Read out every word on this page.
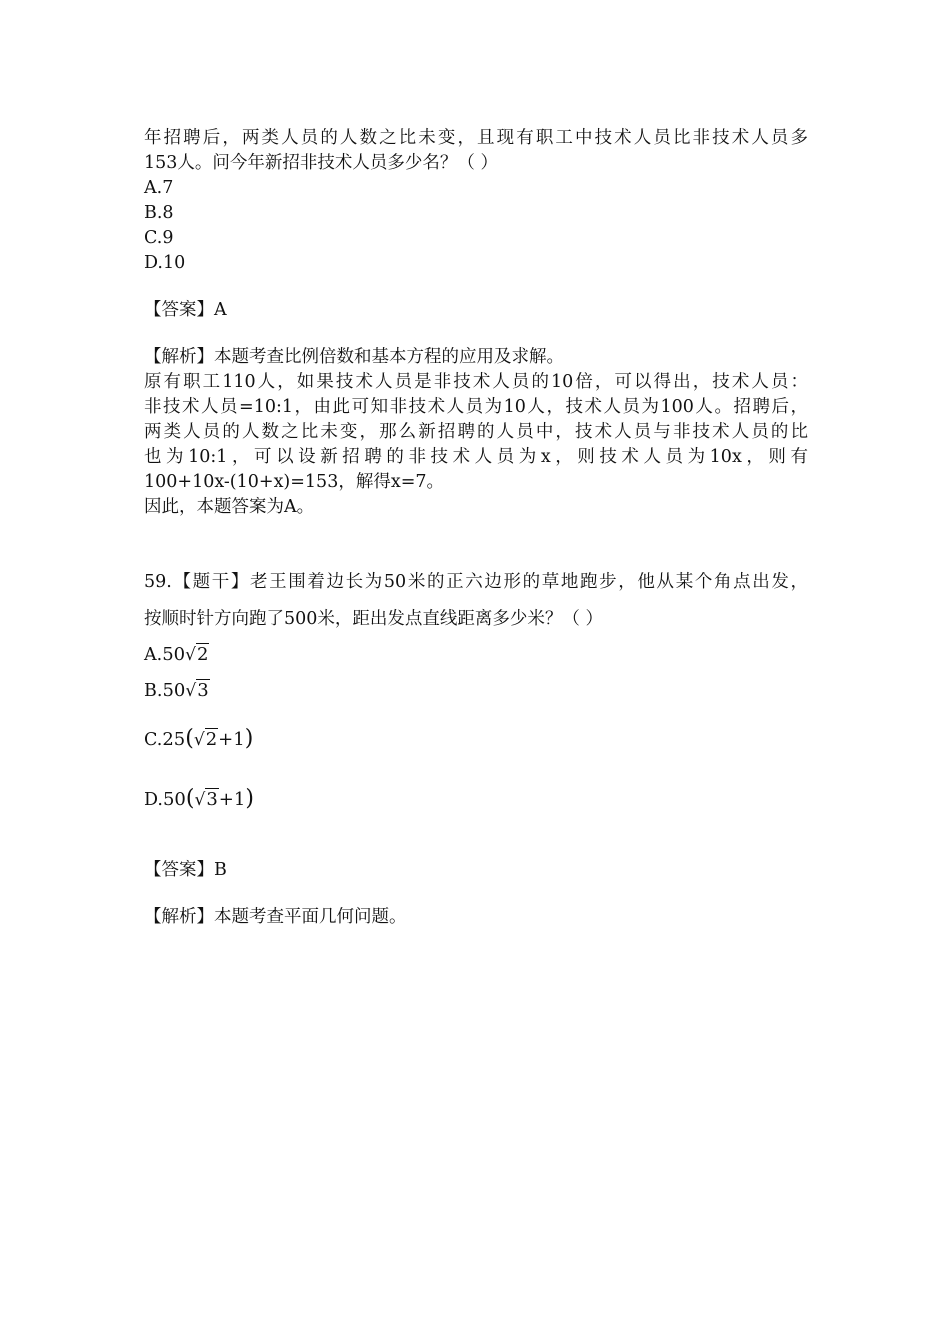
年招聘后，两类人员的人数之比未变，且现有职工中技术人员比非技术人员多
153人。问今年新招非技术人员多少名？（ ）
A.7
B.8
C.9
D.10
【答案】A
【解析】本题考查比例倍数和基本方程的应用及求解。
原有职工110人，如果技术人员是非技术人员的10倍，可以得出，技术人员：
非技术人员=10:1，由此可知非技术人员为10人，技术人员为100人。招聘后，
两类人员的人数之比未变，那么新招聘的人员中，技术人员与非技术人员的比
也为10:1，可以设新招聘的非技术人员为x，则技术人员为10x，则有
100+10x-(10+x)=153，解得x=7。
因此，本题答案为A。
59.【题干】老王围着边长为50米的正六边形的草地跑步，他从某个角点出发，
按顺时针方向跑了500米，距出发点直线距离多少米？（ ）
A.50√2
B.50√3
C.25(√2+1)
D.50(√3+1)
【答案】B
【解析】本题考查平面几何问题。
